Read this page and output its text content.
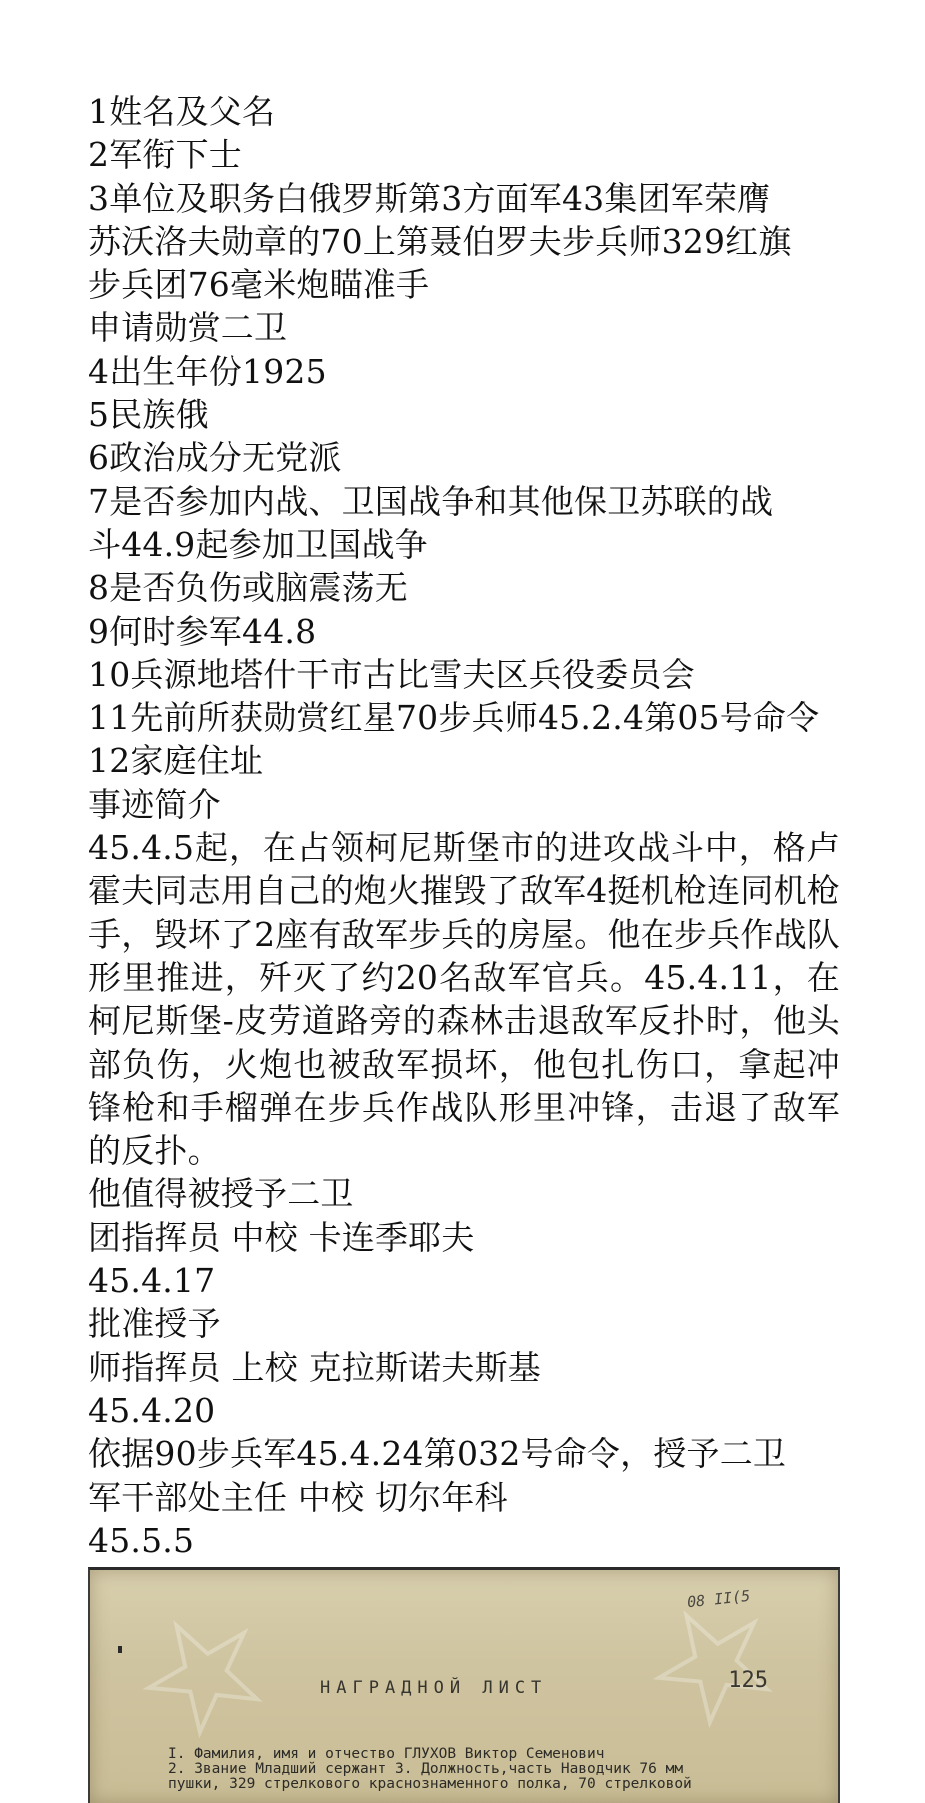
1姓名及父名
2军衔下士
3单位及职务白俄罗斯第3方面军43集团军荣膺
苏沃洛夫勋章的70上第聂伯罗夫步兵师329红旗
步兵团76毫米炮瞄准手
申请勋赏二卫
4出生年份1925
5民族俄
6政治成分无党派
7是否参加内战、卫国战争和其他保卫苏联的战
斗44.9起参加卫国战争
8是否负伤或脑震荡无
9何时参军44.8
10兵源地塔什干市古比雪夫区兵役委员会
11先前所获勋赏红星70步兵师45.2.4第05号命令
12家庭住址
事迹简介
45.4.5起，在占领柯尼斯堡市的进攻战斗中，格卢霍夫同志用自己的炮火摧毁了敌军4挺机枪连同机枪手，毁坏了2座有敌军步兵的房屋。他在步兵作战队形里推进，歼灭了约20名敌军官兵。45.4.11，在柯尼斯堡-皮劳道路旁的森林击退敌军反扑时，他头部负伤，火炮也被敌军损坏，他包扎伤口，拿起冲锋枪和手榴弹在步兵作战队形里冲锋，击退了敌军的反扑。
他值得被授予二卫
团指挥员 中校 卡连季耶夫
45.4.17
批准授予
师指挥员 上校 克拉斯诺夫斯基
45.4.20
依据90步兵军45.4.24第032号命令，授予二卫
军干部处主任 中校 切尔年科
45.5.5
08 II(5
125
НАГРАДНОЙ ЛИСТ
I. Фамилия, имя и отчество ГЛУХОВ Виктор Семенович
2. Звание Младший сержант 3. Должность,часть Наводчик 76 мм
пушки, 329 стрелкового краснознаменного полка, 70 стрелковой
